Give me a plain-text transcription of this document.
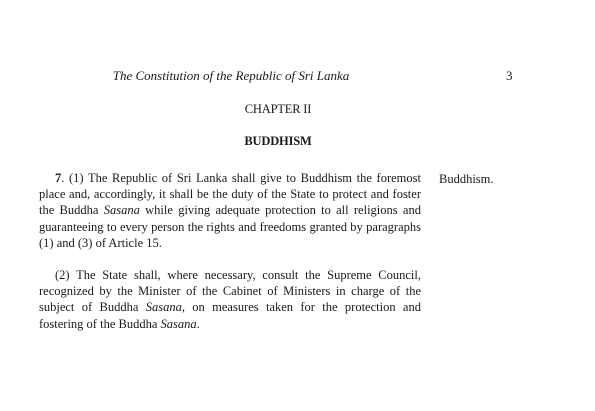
The Constitution of the Republic of Sri Lanka	3
CHAPTER II
BUDDHISM

7. (1) The Republic of Sri Lanka shall give to Buddhism the foremost place and, accordingly, it shall be the duty of the State to protect and foster the Buddha Sasana while giving adequate protection to all religions and guaranteeing to every person the rights and freedoms granted by paragraphs (1) and (3) of Article 15.

(2) The State shall, where necessary, consult the Supreme Council, recognized by the Minister of the Cabinet of Ministers in charge of the subject of Buddha Sasana, on measures taken for the protection and fostering of the Buddha Sasana.

Buddhism.
